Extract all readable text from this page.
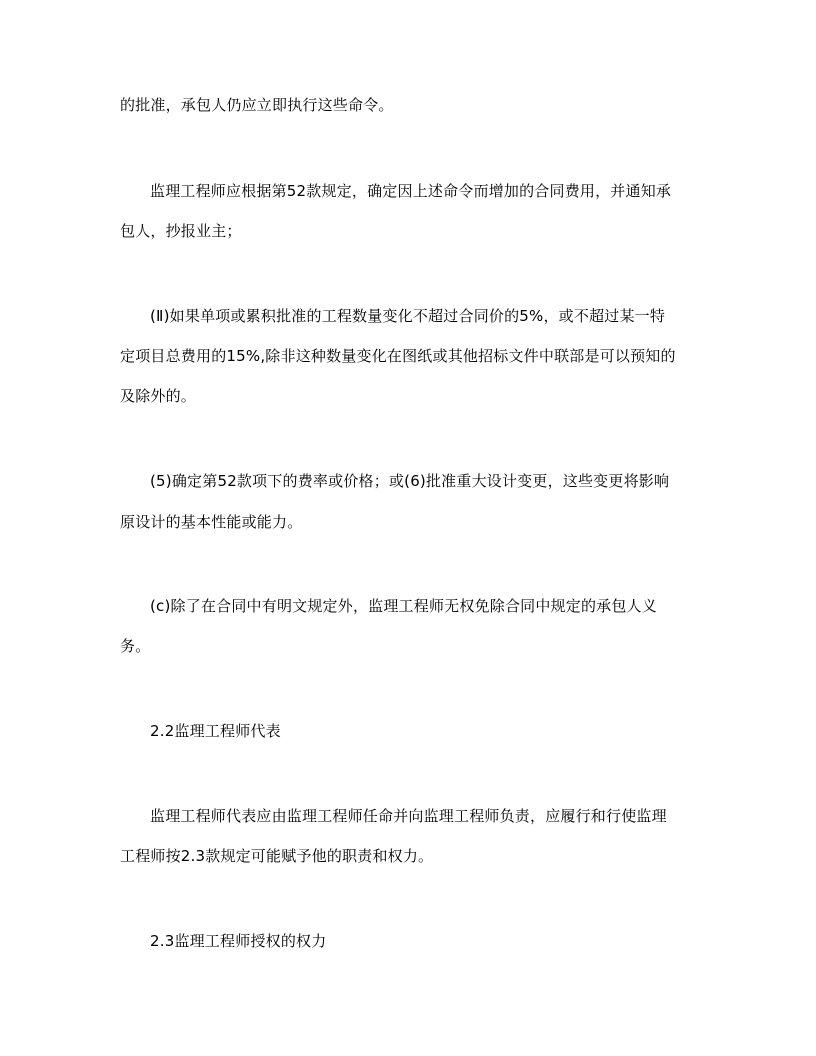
的批准，承包人仍应立即执行这些命令。
监理工程师应根据第52款规定，确定因上述命令而增加的合同费用，并通知承
包人，抄报业主；
(Ⅱ)如果单项或累积批准的工程数量变化不超过合同价的5%，或不超过某一特
定项目总费用的15%,除非这种数量变化在图纸或其他招标文件中联部是可以预知的
及除外的。
(5)确定第52款项下的费率或价格；或(6)批准重大设计变更，这些变更将影响
原设计的基本性能或能力。
(c)除了在合同中有明文规定外，监理工程师无权免除合同中规定的承包人义
务。
2.2监理工程师代表
监理工程师代表应由监理工程师任命并向监理工程师负责，应履行和行使监理
工程师按2.3款规定可能赋予他的职责和权力。
2.3监理工程师授权的权力
